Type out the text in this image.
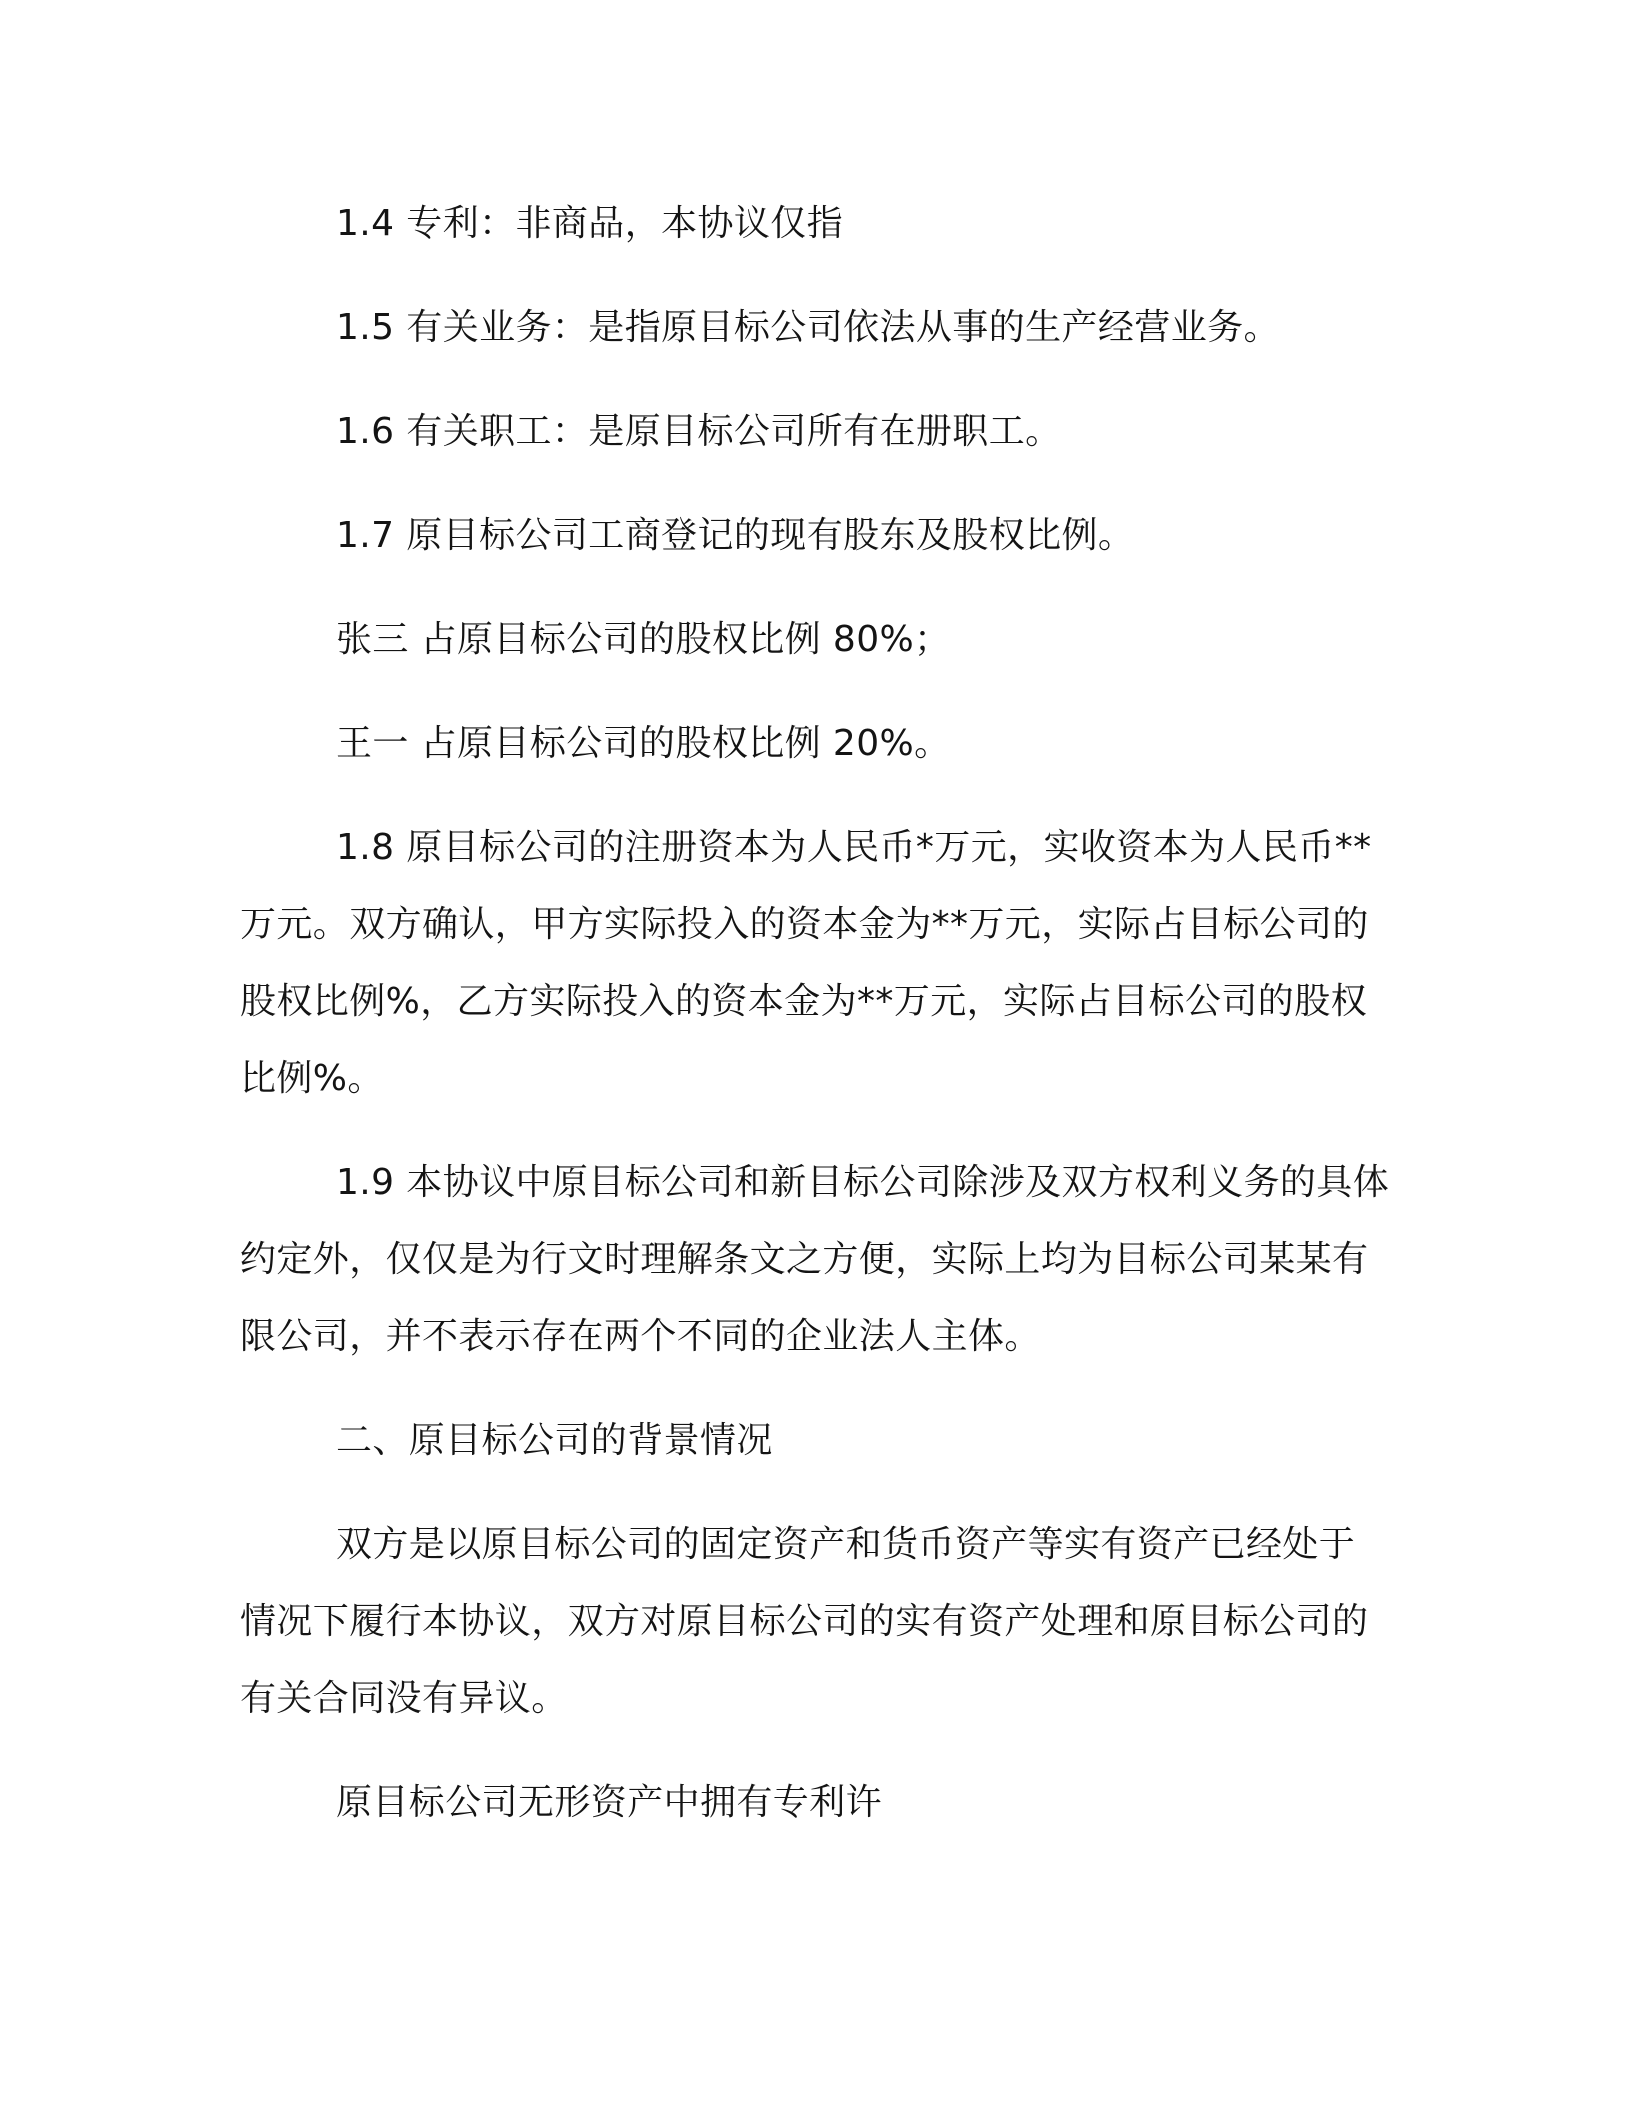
1.4 专利：非商品，本协议仅指

1.5 有关业务：是指原目标公司依法从事的生产经营业务。

1.6 有关职工：是原目标公司所有在册职工。

1.7 原目标公司工商登记的现有股东及股权比例。

张三 占原目标公司的股权比例 80%；

王一 占原目标公司的股权比例 20%。

1.8 原目标公司的注册资本为人民币*万元，实收资本为人民币**万元。双方确认，甲方实际投入的资本金为**万元，实际占目标公司的股权比例%，乙方实际投入的资本金为**万元，实际占目标公司的股权比例%。

1.9 本协议中原目标公司和新目标公司除涉及双方权利义务的具体约定外，仅仅是为行文时理解条文之方便，实际上均为目标公司某某有限公司，并不表示存在两个不同的企业法人主体。

二、原目标公司的背景情况

双方是以原目标公司的固定资产和货币资产等实有资产已经处于情况下履行本协议，双方对原目标公司的实有资产处理和原目标公司的有关合同没有异议。

原目标公司无形资产中拥有专利许
